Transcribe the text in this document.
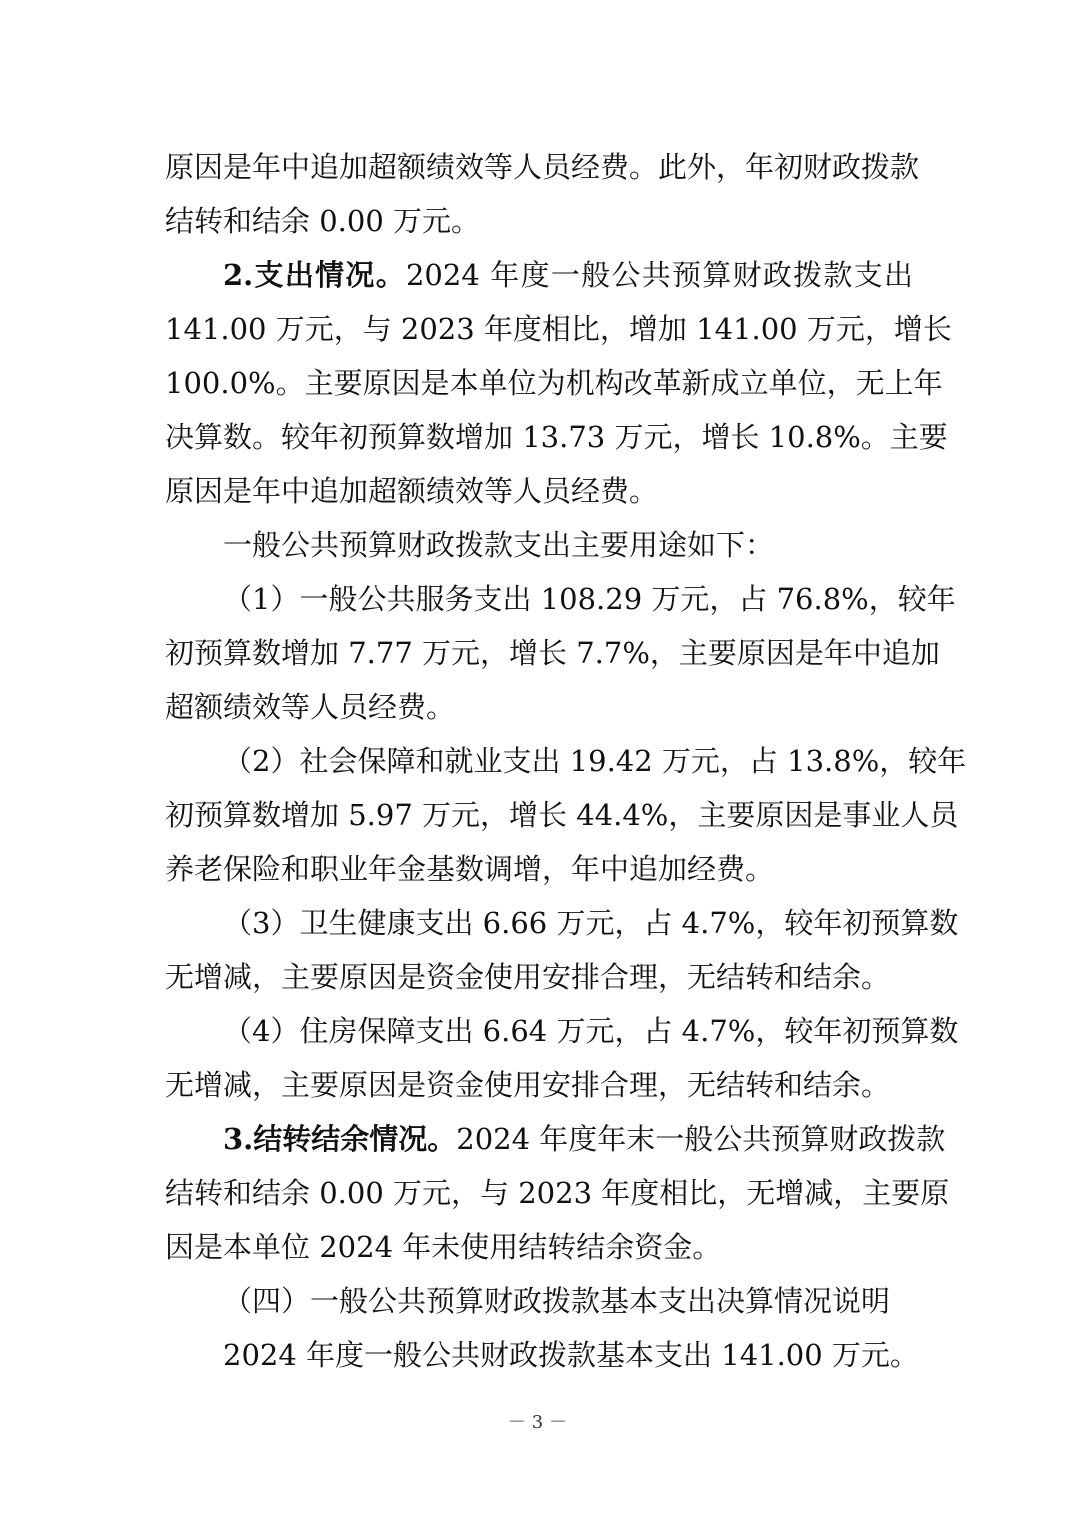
原因是年中追加超额绩效等人员经费。此外，年初财政拨款
结转和结余 0.00 万元。
2.支出情况。2024 年度一般公共预算财政拨款支出
141.00 万元，与 2023 年度相比，增加 141.00 万元，增长
100.0%。主要原因是本单位为机构改革新成立单位，无上年
决算数。较年初预算数增加 13.73 万元，增长 10.8%。主要
原因是年中追加超额绩效等人员经费。
一般公共预算财政拨款支出主要用途如下：
（1）一般公共服务支出 108.29 万元，占 76.8%，较年
初预算数增加 7.77 万元，增长 7.7%，主要原因是年中追加
超额绩效等人员经费。
（2）社会保障和就业支出 19.42 万元，占 13.8%，较年
初预算数增加 5.97 万元，增长 44.4%，主要原因是事业人员
养老保险和职业年金基数调增，年中追加经费。
（3）卫生健康支出 6.66 万元，占 4.7%，较年初预算数
无增减，主要原因是资金使用安排合理，无结转和结余。
（4）住房保障支出 6.64 万元，占 4.7%，较年初预算数
无增减，主要原因是资金使用安排合理，无结转和结余。
3.结转结余情况。2024 年度年末一般公共预算财政拨款
结转和结余 0.00 万元，与 2023 年度相比，无增减，主要原
因是本单位 2024 年未使用结转结余资金。
（四）一般公共预算财政拨款基本支出决算情况说明
2024 年度一般公共财政拨款基本支出 141.00 万元。
－ 3 －
